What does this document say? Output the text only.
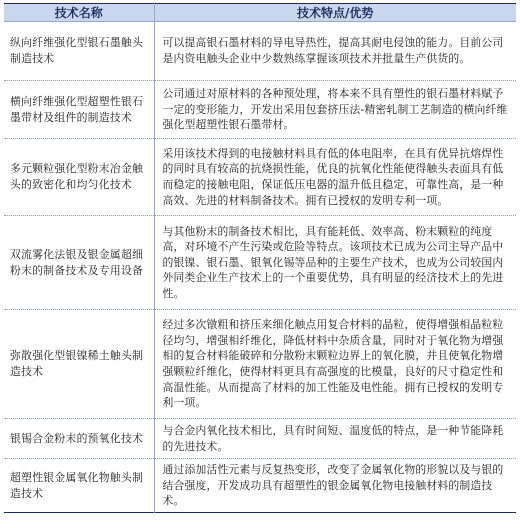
技术名称	技术特点/优势
纵向纤维强化型银石墨触头制造技术	可以提高银石墨材料的导电导热性，提高其耐电侵蚀的能力。目前公司是内资电触头企业中少数熟练掌握该项技术并批量生产供货的。
横向纤维强化型超塑性银石墨带材及组件的制造技术	公司通过对原材料的各种预处理，将本来不具有塑性的银石墨材料赋予一定的变形能力，开发出采用包套挤压法-精密轧制工艺制造的横向纤维强化型超塑性银石墨带材。
多元颗粒强化型粉末冶金触头的致密化和均匀化技术	采用该技术得到的电接触材料具有低的体电阻率，在具有优异抗熔焊性的同时具有较高的抗烧损性能，优良的抗氧化性能使得触头表面具有低而稳定的接触电阻，保证低压电器的温升低且稳定，可靠性高，是一种高效、先进的材料制备技术。拥有已授权的发明专利一项。
双流雾化法银及银金属超细粉末的制备技术及专用设备	与其他粉末的制备技术相比，具有能耗低、效率高、粉末颗粒的纯度高，对环境不产生污染或危险等特点。该项技术已成为公司主导产品中的银镍、银石墨、银氧化锡等品种的主要生产技术，也成为公司较国内外同类企业生产技术上的一个重要优势，具有明显的经济技术上的先进性。
弥散强化型银镍稀土触头制造技术	经过多次镦粗和挤压来细化触点用复合材料的晶粒，使得增强相晶粒粒径均匀，增强相纤维化，降低材料中杂质含量，同时对于氧化物为增强相的复合材料能破碎和分散粉末颗粒边界上的氧化膜，并且使氧化物增强颗粒纤维化，使得材料更具有高强度的比模量，良好的尺寸稳定性和高温性能。从而提高了材料的加工性能及电性能。拥有已授权的发明专利一项。
银锡合金粉末的预氧化技术	与合金内氧化技术相比，具有时间短、温度低的特点，是一种节能降耗的先进技术。
超塑性银金属氧化物触头制造技术	通过添加活性元素与反复热变形，改变了金属氧化物的形貌以及与银的结合强度，开发成功具有超塑性的银金属氧化物电接触材料的制造技术。
